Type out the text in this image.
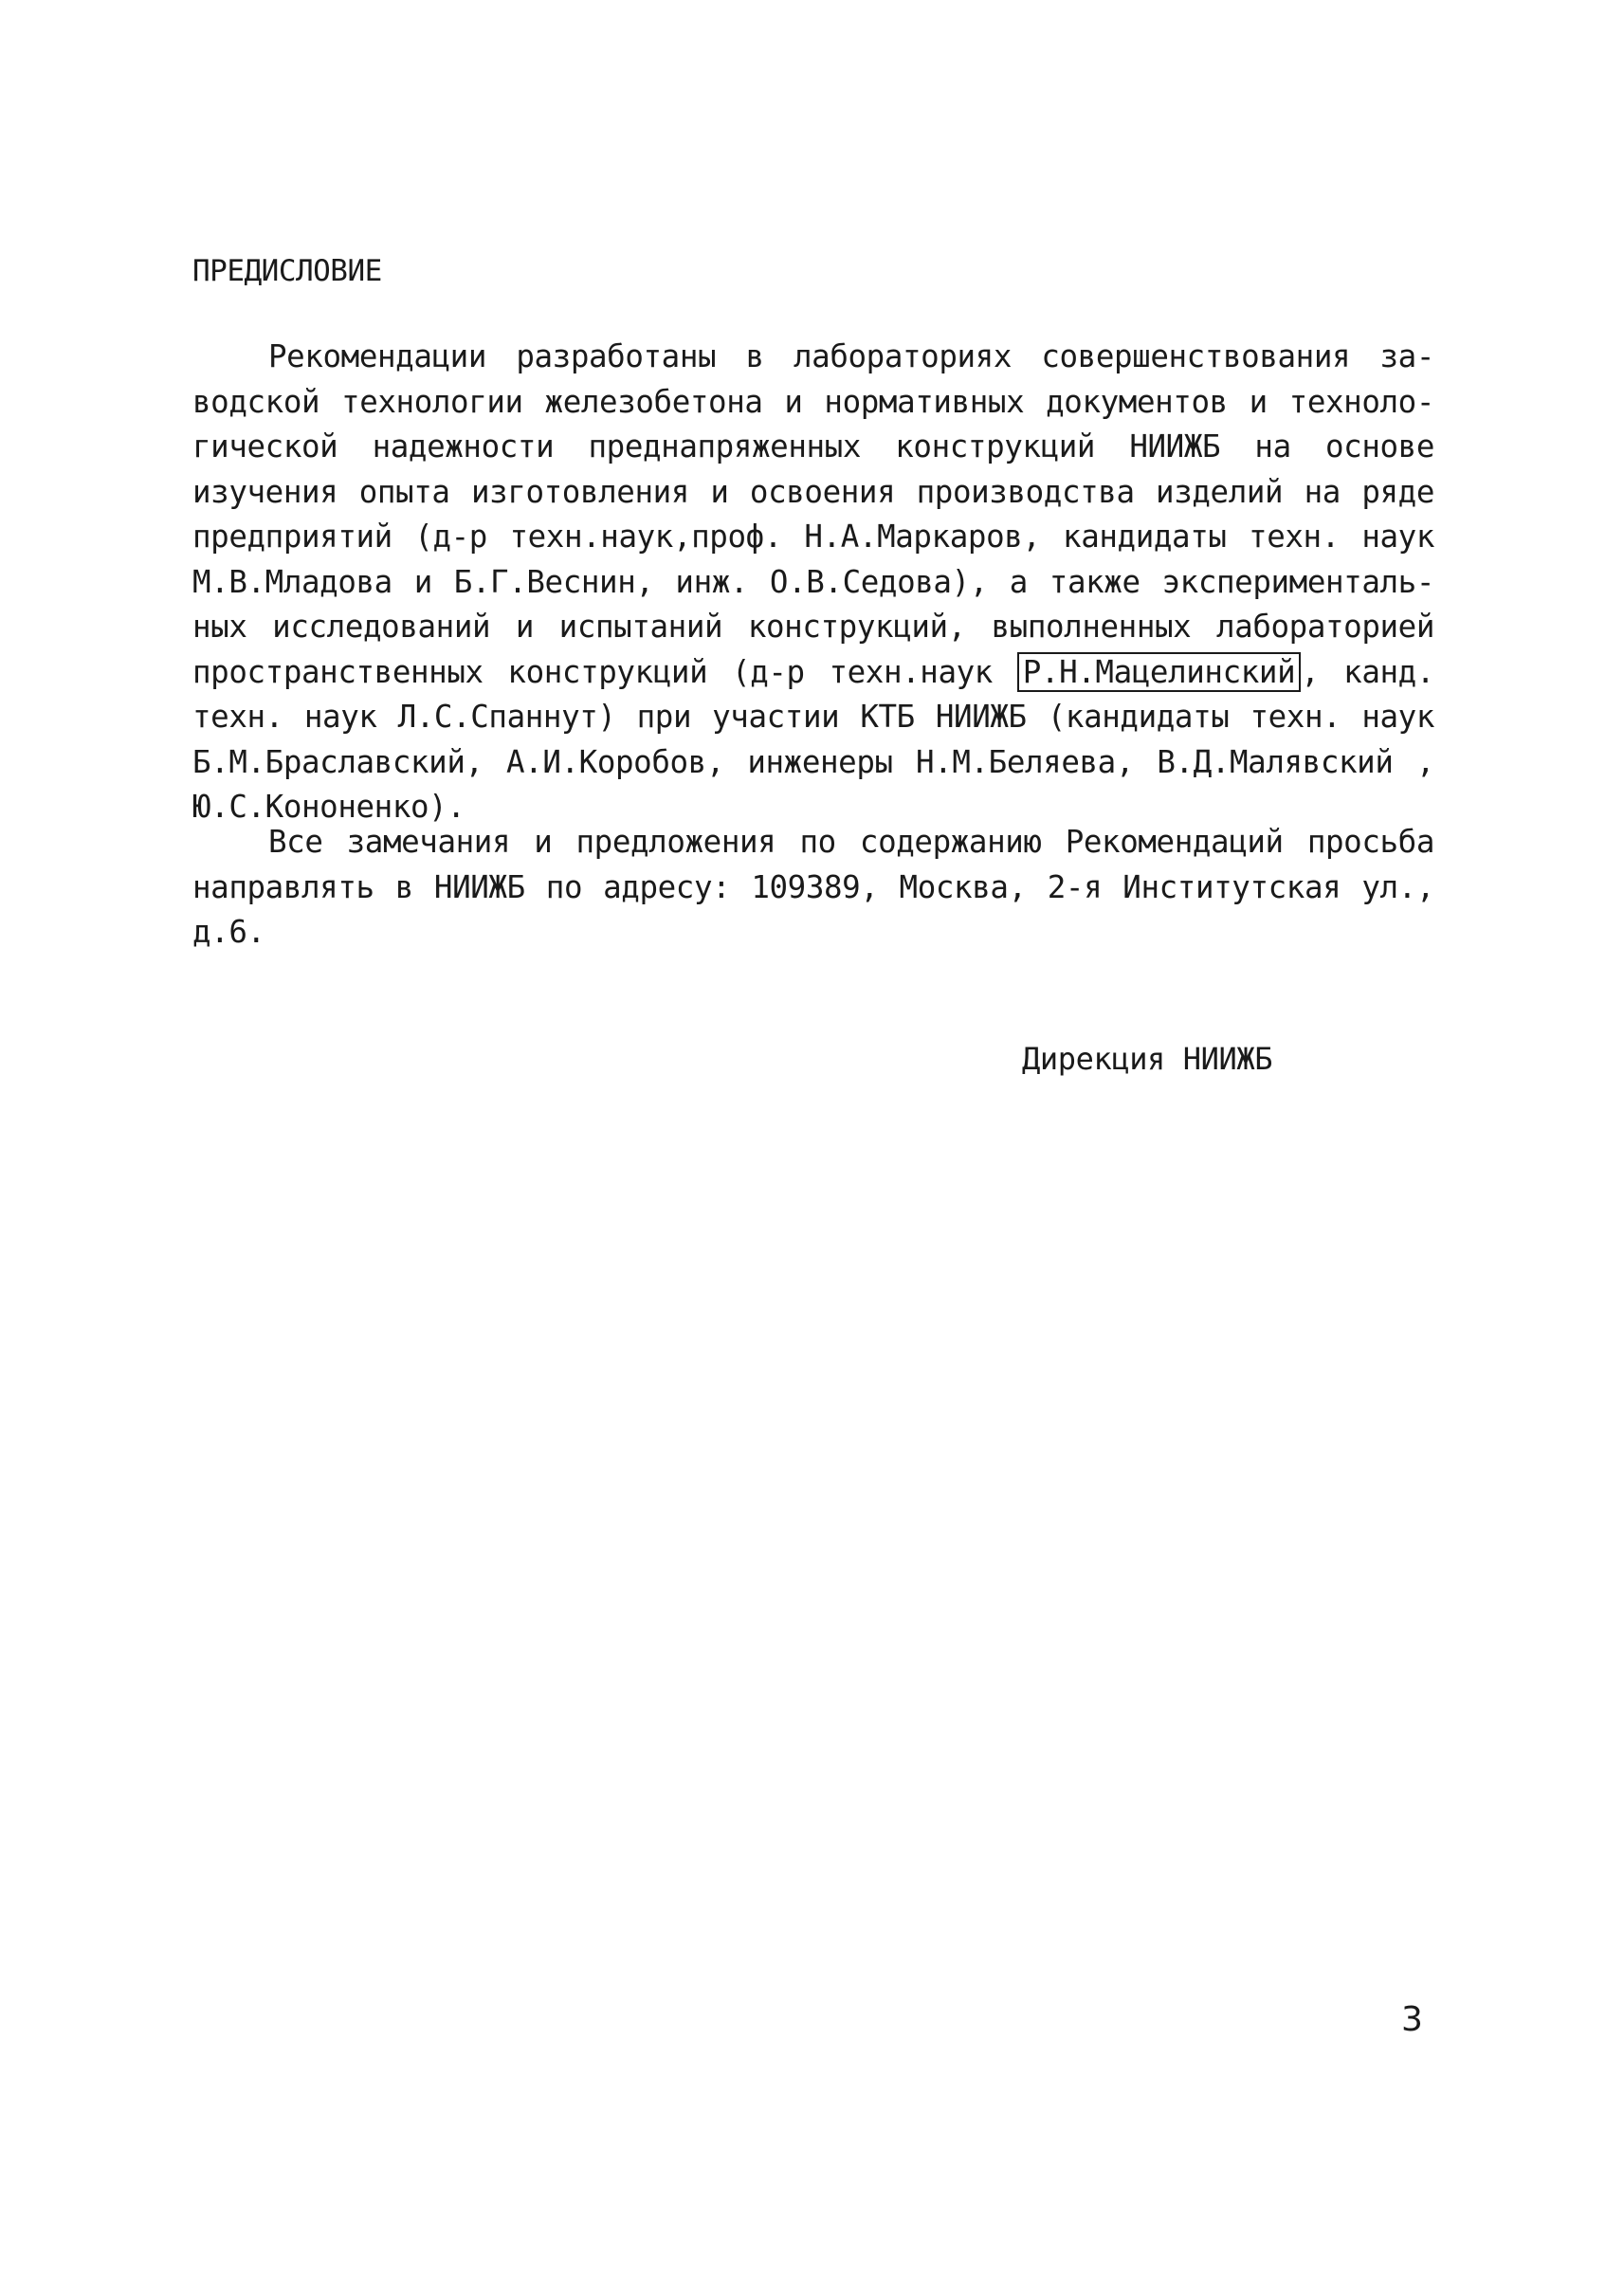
ПРЕДИСЛОВИЕ

Рекомендации разработаны в лабораториях совершенствования за-
водской технологии железобетона и нормативных документов и техноло-
гической надежности преднапряженных конструкций НИИЖБ на основе
изучения опыта изготовления и освоения производства изделий на ряде
предприятий (д-р техн.наук,проф. Н.А.Маркаров, кандидаты техн. наук
М.В.Младова и Б.Г.Веснин, инж. О.В.Седова), а также эксперименталь-
ных исследований и испытаний конструкций, выполненных лабораторией
пространственных конструкций (д-р техн.наук Р.Н.Мацелинский , канд.
техн. наук Л.С.Спаннут) при участии КТБ НИИЖБ (кандидаты техн. наук
Б.М.Браславский, А.И.Коробов, инженеры Н.М.Беляева, В.Д.Малявский ,
Ю.С.Кононенко).

Все замечания и предложения по содержанию Рекомендаций просьба
направлять в НИИЖБ по адресу: 109389, Москва, 2-я Институтская ул.,
д.6.

Дирекция НИИЖБ

3
